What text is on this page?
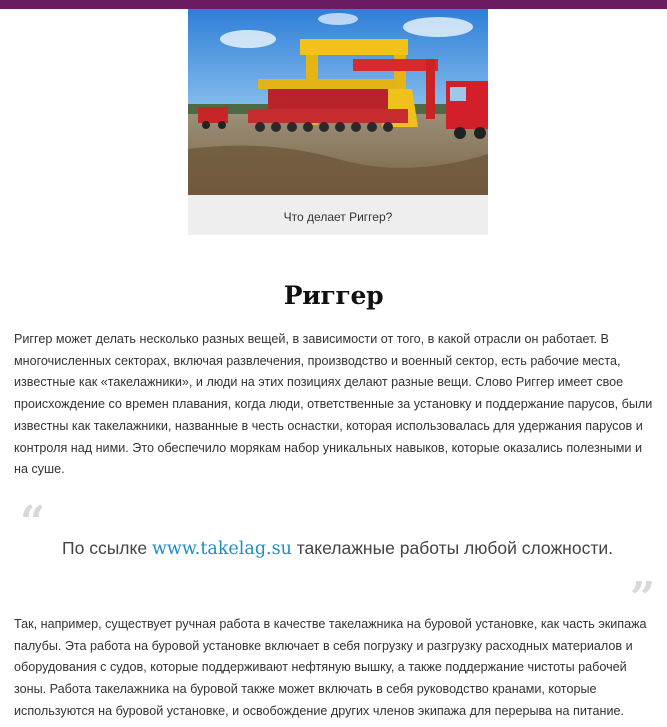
Что делает Риггер?
Риггер

Риггер может делать несколько разных вещей, в зависимости от того, в какой отрасли он работает. В многочисленных секторах, включая развлечения, производство и военный сектор, есть рабочие места, известные как «такелажники», и люди на этих позициях делают разные вещи. Слово Риггер имеет свое происхождение со времен плавания, когда люди, ответственные за установку и поддержание парусов, были известны как такелажники, названные в честь оснастки, которая использовалась для удержания парусов и контроля над ними. Это обеспечило морякам набор уникальных навыков, которые оказались полезными и на суше.

“ По ссылке www.takelag.su такелажные работы любой сложности.
”

Так, например, существует ручная работа в качестве такелажника на буровой установке, как часть экипажа палубы. Эта работа на буровой установке включает в себя погрузку и разгрузку расходных материалов и оборудования с судов, которые поддерживают нефтяную вышку, а также поддержание чистоты рабочей зоны. Работа такелажника на буровой также может включать в себя руководство кранами, которые используются на буровой установке, и освобождение других членов экипажа для перерыва на питание.
